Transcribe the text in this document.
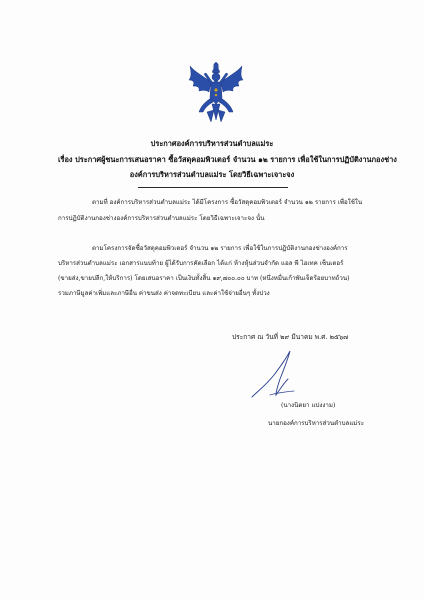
ประกาศองค์การบริหารส่วนตำบลแม่ระ
เรื่อง ประกาศผู้ชนะการเสนอราคา ซื้อวัสดุคอมพิวเตอร์ จำนวน ๑๒ รายการ เพื่อใช้ในการปฏิบัติงานกองช่าง
องค์การบริหารส่วนตำบลแม่ระ โดยวิธีเฉพาะเจาะจง
ตามที่ องค์การบริหารส่วนตำบลแม่ระ ได้มีโครงการ ซื้อวัสดุคอมพิวเตอร์ จำนวน ๑๒ รายการ เพื่อใช้ใน
การปฏิบัติงานกองช่างองค์การบริหารส่วนตำบลแม่ระ โดยวิธีเฉพาะเจาะจง นั้น
ตามโครงการจัดซื้อวัสดุคอมพิวเตอร์ จำนวน ๑๒ รายการ เพื่อใช้ในการปฏิบัติงานกองช่างองค์การ
บริหารส่วนตำบลแม่ระ เอกสารแนบท้าย ผู้ได้รับการคัดเลือก ได้แก่ ห้างหุ้นส่วนจำกัด แอล พี ไฮเทค เซ็นเตอร์
(ขายส่ง,ขายปลีก,ให้บริการ) โดยเสนอราคา เป็นเงินทั้งสิ้น ๑๙,๗๐๐.๐๐ บาท (หนึ่งหมื่นเก้าพันเจ็ดร้อยบาทถ้วน)
รวมภาษีมูลค่าเพิ่มและภาษีอื่น ค่าขนส่ง ค่าจดทะเบียน และค่าใช้จ่ายอื่นๆ ทั้งปวง
ประกาศ ณ วันที่ ๒๙ มีนาคม พ.ศ. ๒๕๖๗
(นางนิตยา แปงงาม)
นายกองค์การบริหารส่วนตำบลแม่ระ
